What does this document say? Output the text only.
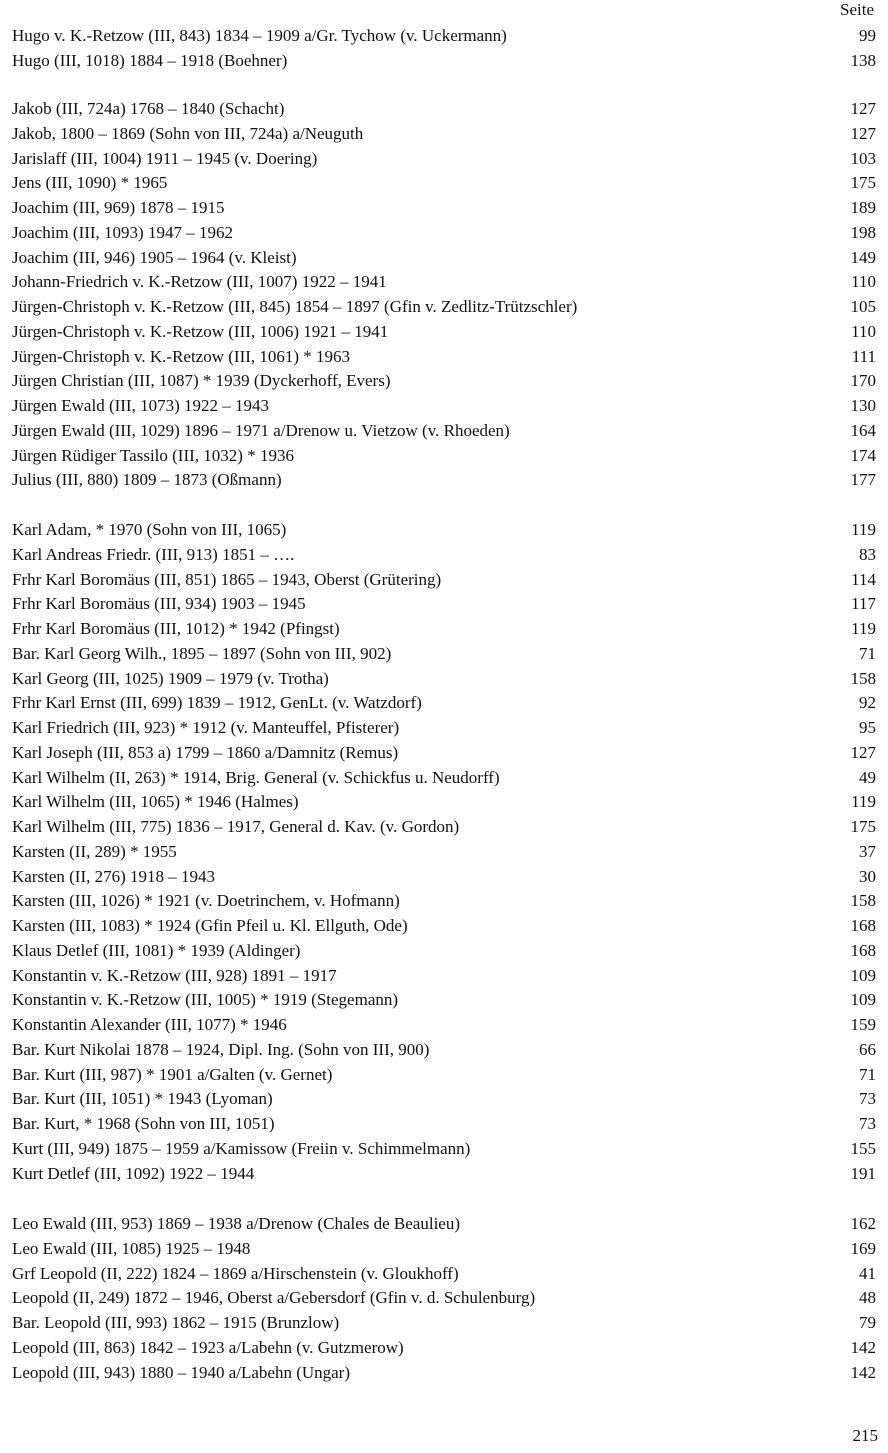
Seite
Hugo v. K.-Retzow (III, 843) 1834 – 1909 a/Gr. Tychow (v. Uckermann)	99
Hugo (III, 1018) 1884 – 1918 (Boehner)	138
Jakob (III, 724a) 1768 – 1840 (Schacht)	127
Jakob, 1800 – 1869 (Sohn von III, 724a) a/Neuguth	127
Jarislaff (III, 1004) 1911 – 1945 (v. Doering)	103
Jens (III, 1090) * 1965	175
Joachim (III, 969) 1878 – 1915	189
Joachim (III, 1093) 1947 – 1962	198
Joachim (III, 946) 1905 – 1964 (v. Kleist)	149
Johann-Friedrich v. K.-Retzow (III, 1007) 1922 – 1941	110
Jürgen-Christoph v. K.-Retzow (III, 845) 1854 – 1897 (Gfin v. Zedlitz-Trützschler)	105
Jürgen-Christoph v. K.-Retzow (III, 1006) 1921 – 1941	110
Jürgen-Christoph v. K.-Retzow (III, 1061) * 1963	111
Jürgen Christian (III, 1087) * 1939 (Dyckerhoff, Evers)	170
Jürgen Ewald (III, 1073) 1922 – 1943	130
Jürgen Ewald (III, 1029) 1896 – 1971 a/Drenow u. Vietzow (v. Rhoeden)	164
Jürgen Rüdiger Tassilo (III, 1032) * 1936	174
Julius (III, 880) 1809 – 1873 (Oßmann)	177
Karl Adam, * 1970 (Sohn von III, 1065)	119
Karl Andreas Friedr. (III, 913) 1851 – ….	83
Frhr Karl Boromäus (III, 851) 1865 – 1943, Oberst (Grütering)	114
Frhr Karl Boromäus (III, 934) 1903 – 1945	117
Frhr Karl Boromäus (III, 1012) * 1942 (Pfingst)	119
Bar. Karl Georg Wilh., 1895 – 1897 (Sohn von III, 902)	71
Karl Georg (III, 1025) 1909 – 1979 (v. Trotha)	158
Frhr Karl Ernst (III, 699) 1839 – 1912, GenLt. (v. Watzdorf)	92
Karl Friedrich (III, 923) * 1912 (v. Manteuffel, Pfisterer)	95
Karl Joseph (III, 853 a) 1799 – 1860 a/Damnitz (Remus)	127
Karl Wilhelm (II, 263) * 1914, Brig. General (v. Schickfus u. Neudorff)	49
Karl Wilhelm (III, 1065) * 1946 (Halmes)	119
Karl Wilhelm (III, 775) 1836 – 1917, General d. Kav. (v. Gordon)	175
Karsten (II, 289) * 1955	37
Karsten (II, 276) 1918 – 1943	30
Karsten (III, 1026) * 1921 (v. Doetrinchem, v. Hofmann)	158
Karsten (III, 1083) * 1924 (Gfin Pfeil u. Kl. Ellguth, Ode)	168
Klaus Detlef (III, 1081) * 1939 (Aldinger)	168
Konstantin v. K.-Retzow (III, 928) 1891 – 1917	109
Konstantin v. K.-Retzow (III, 1005) * 1919 (Stegemann)	109
Konstantin Alexander (III, 1077) * 1946	159
Bar. Kurt Nikolai 1878 – 1924, Dipl. Ing. (Sohn von III, 900)	66
Bar. Kurt (III, 987) * 1901 a/Galten (v. Gernet)	71
Bar. Kurt (III, 1051) * 1943 (Lyoman)	73
Bar. Kurt, * 1968 (Sohn von III, 1051)	73
Kurt (III, 949) 1875 – 1959 a/Kamissow (Freiin v. Schimmelmann)	155
Kurt Detlef (III, 1092) 1922 – 1944	191
Leo Ewald (III, 953) 1869 – 1938 a/Drenow (Chales de Beaulieu)	162
Leo Ewald (III, 1085) 1925 – 1948	169
Grf Leopold (II, 222) 1824 – 1869 a/Hirschenstein (v. Gloukhoff)	41
Leopold (II, 249) 1872 – 1946, Oberst a/Gebersdorf (Gfin v. d. Schulenburg)	48
Bar. Leopold (III, 993) 1862 – 1915 (Brunzlow)	79
Leopold (III, 863) 1842 – 1923 a/Labehn (v. Gutzmerow)	142
Leopold (III, 943) 1880 – 1940 a/Labehn (Ungar)	142
215
